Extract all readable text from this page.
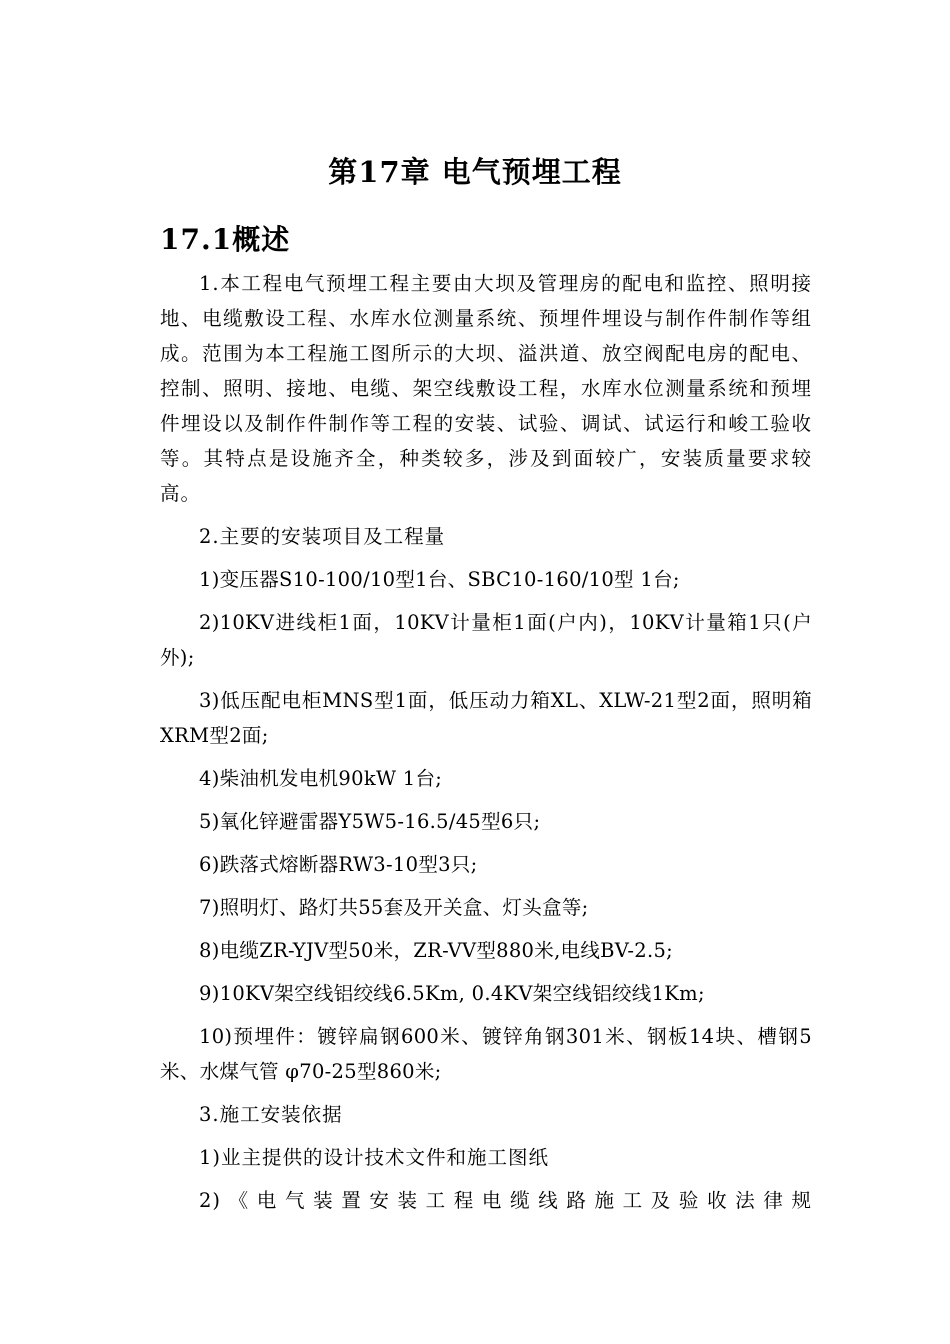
第17章 电气预埋工程
17.1概述

1.本工程电气预埋工程主要由大坝及管理房的配电和监控、照明接地、电缆敷设工程、水库水位测量系统、预埋件埋设与制作件制作等组成。范围为本工程施工图所示的大坝、溢洪道、放空阀配电房的配电、控制、照明、接地、电缆、架空线敷设工程，水库水位测量系统和预埋件埋设以及制作件制作等工程的安装、试验、调试、试运行和峻工验收等。其特点是设施齐全，种类较多，涉及到面较广，安装质量要求较高。

2.主要的安装项目及工程量

1)变压器S10-100/10型1台、SBC10-160/10型 1台;

2)10KV进线柜1面，10KV计量柜1面(户内)，10KV计量箱1只(户外);

3)低压配电柜MNS型1面，低压动力箱XL、XLW-21型2面，照明箱XRM型2面;

4)柴油机发电机90kW 1台;

5)氧化锌避雷器Y5W5-16.5/45型6只;

6)跌落式熔断器RW3-10型3只;

7)照明灯、路灯共55套及开关盒、灯头盒等;

8)电缆ZR-YJV型50米，ZR-VV型880米,电线BV-2.5;

9)10KV架空线铝绞线6.5Km, 0.4KV架空线铝绞线1Km;

10)预埋件：镀锌扁钢600米、镀锌角钢301米、钢板14块、槽钢5米、水煤气管 φ70-25型860米;

3.施工安装依据

1)业主提供的设计技术文件和施工图纸

2)《电气装置安装工程电缆线路施工及验收法律规
